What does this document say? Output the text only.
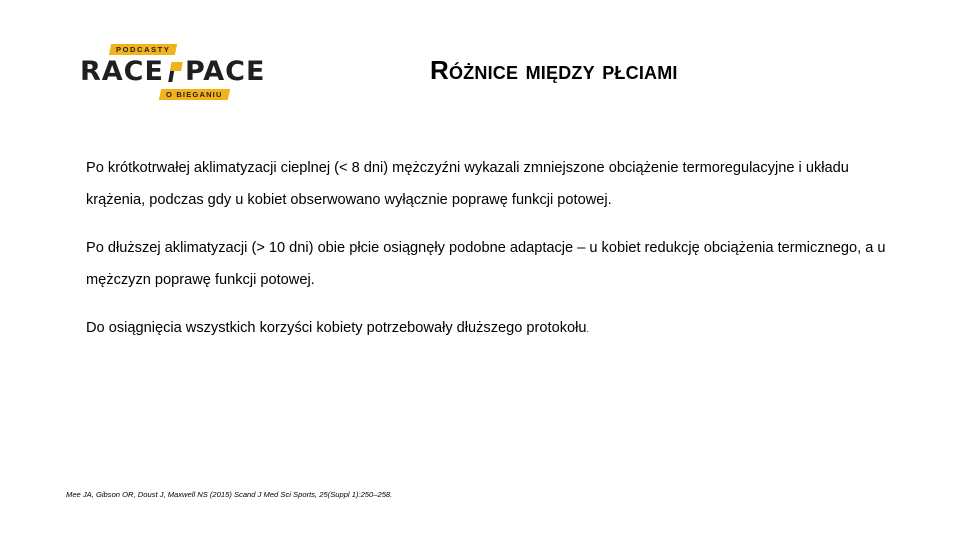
PODCASTY
RACE PACE
O BIEGANIU
Różnice między płciami

Po krótkotrwałej aklimatyzacji cieplnej (< 8 dni) mężczyźni wykazali zmniejszone obciążenie termoregulacyjne i układu krążenia, podczas gdy u kobiet obserwowano wyłącznie poprawę funkcji potowej.

Po dłuższej aklimatyzacji (> 10 dni) obie płcie osiągnęły podobne adaptacje – u kobiet redukcję obciążenia termicznego, a u mężczyzn poprawę funkcji potowej.

Do osiągnięcia wszystkich korzyści kobiety potrzebowały dłuższego protokołu.

Mee JA, Gibson OR, Doust J, Maxwell NS (2015) Scand J Med Sci Sports, 25(Suppl 1):250–258.
